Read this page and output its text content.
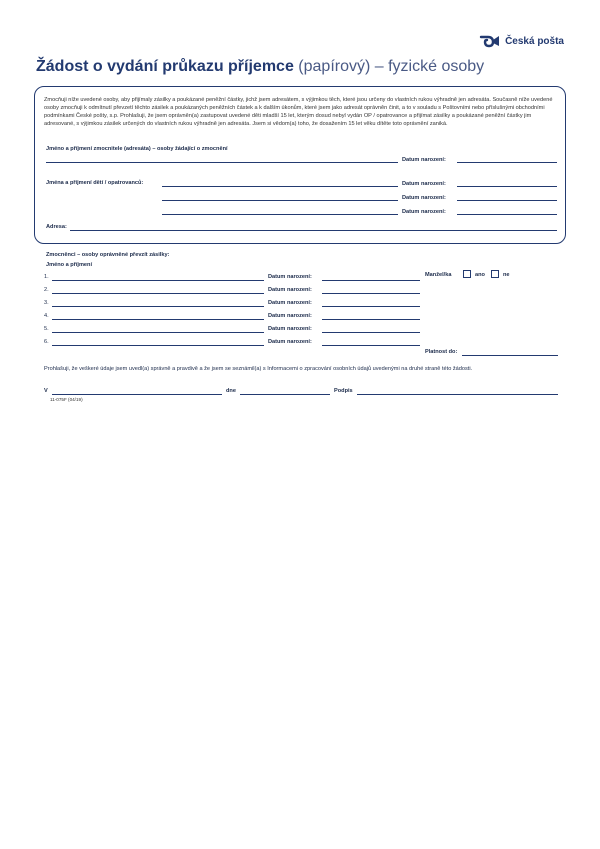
Česká pošta
Žádost o vydání průkazu příjemce (papírový) – fyzické osoby
Zmocňuji níže uvedené osoby, aby přijímaly zásilky a poukázané peněžní částky, jichž jsem adresátem, s výjimkou těch, které jsou určeny do vlastních rukou výhradně jen adresáta. Současně níže uvedené osoby zmocňuji k odmítnutí převzetí těchto zásilek a poukázaných peněžních částek a k dalším úkonům, které jsem jako adresát oprávněn činit, a to v souladu s Poštovními nebo příslušnými obchodními podmínkami České pošty, s.p. Prohlašuji, že jsem oprávněn(a) zastupovat uvedené děti mladší 15 let, kterým dosud nebyl vydán OP / opatrovance a přijímat zásilky a poukázané peněžní částky jim adresované, s výjimkou zásilek určených do vlastních rukou výhradně jen adresáta. Jsem si vědom(a) toho, že dosažením 15 let věku dítěte toto oprávnění zaniká.
Jméno a příjmení zmocnitele (adresáta) – osoby žádající o zmocnění
Datum narození:
Jména a příjmení dětí / opatrovanců:	Datum narození:
Datum narození:
Datum narození:
Adresa:
Zmocněnci – osoby oprávněné převzít zásilky:
Jméno a příjmení
Manžel/ka	ano	ne
1.	Datum narození:
2.	Datum narození:
3.	Datum narození:
4.	Datum narození:
5.	Datum narození:
6.	Datum narození:
Platnost do:
Prohlašuji, že veškeré údaje jsem uvedl(a) správně a pravdivě a že jsem se seznámil(a) s Informacemi o zpracování osobních údajů uvedenými na druhé straně této žádosti.
V	dne	Podpis
11-075F (04/19)
